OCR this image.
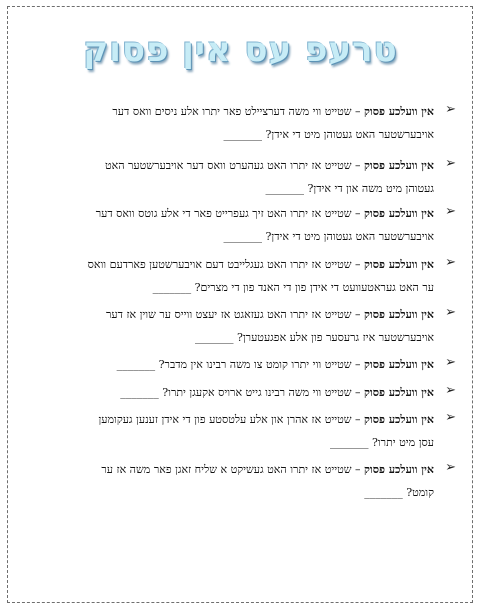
טרעפ עס אין פסוק
➢
אין וועלכע פסוק – שטייט ווי משה דערציילט פאר יתרו אלע ניסים וואס דער
אויבערשטער האט געטוהן מיט די אידן? _______
➢
אין וועלכע פסוק – שטייט אז יתרו האט געהערט וואס דער אויבערשטער האט
געטוהן מיט משה און די אידן? _______
➢
אין וועלכע פסוק – שטייט אז יתרו האט זיך געפרייט פאר די אלע גוטס וואס דער
אויבערשטער האט געטוהן מיט די אידן? _______
➢
אין וועלכע פסוק – שטייט אז יתרו האט געגלייבט דעם אויבערשטען פארדעם וואס
ער האט געראטעוועט די אידן פון די האנד פון די מצרים? _______
➢
אין וועלכע פסוק – שטייט אז יתרו האט געזאגט אז יעצט ווייס ער שוין אז דער
אויבערשטער איז גרעסער פון אלע אפגעטערן? _______
➢
אין וועלכע פסוק – שטייט ווי יתרו קומט צו משה רבינו אין מדבר? _______
➢
אין וועלכע פסוק – שטייט ווי משה רבינו גייט ארויס אקעגן יתרו? _______
➢
אין וועלכע פסוק – שטייט אז אהרן און אלע עלטסטע פון די אידן זענען געקומען
עסן מיט יתרו? _______
➢
אין וועלכע פסוק – שטייט אז יתרו האט געשיקט א שליח זאגן פאר משה אז ער
קומט? _______
